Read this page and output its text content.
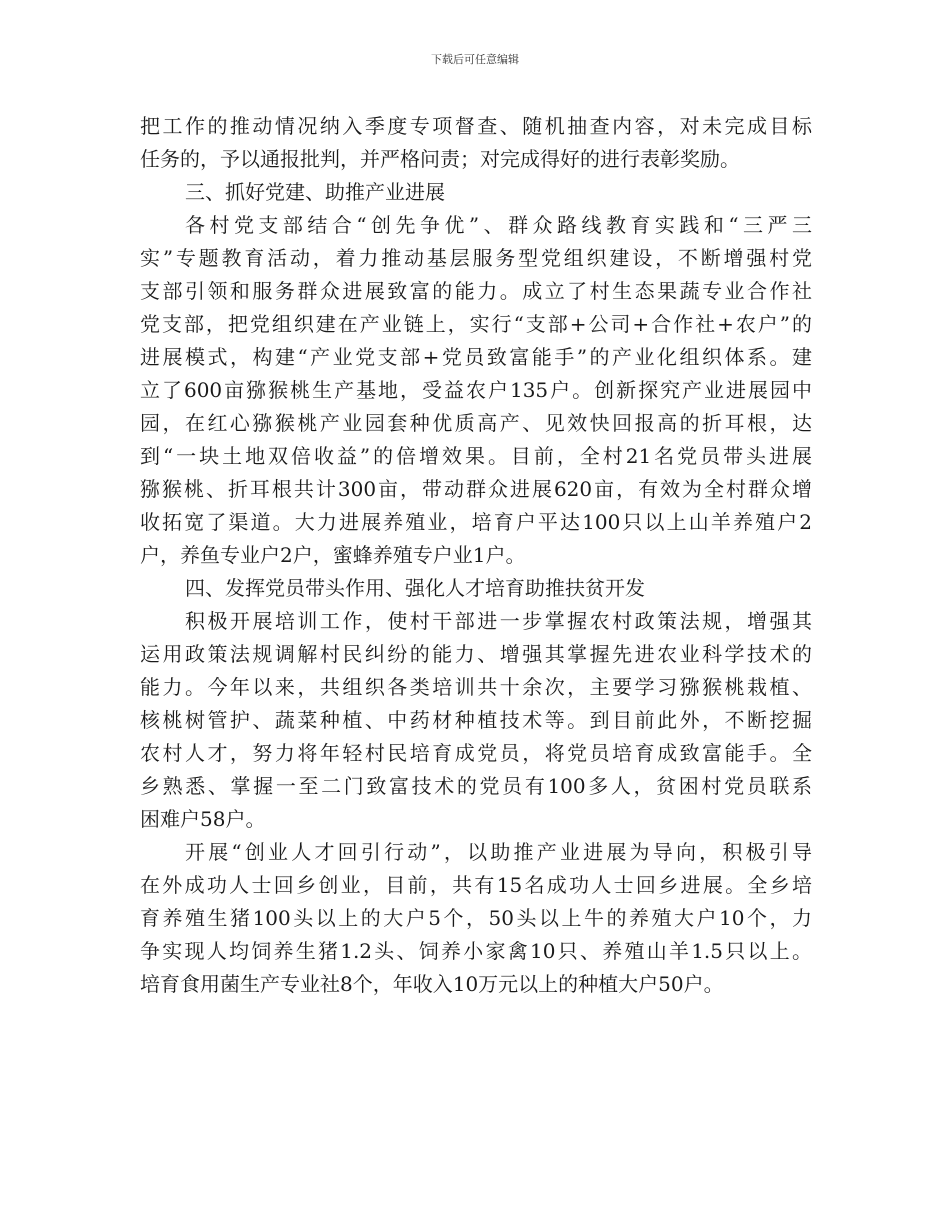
下载后可任意编辑
把工作的推动情况纳入季度专项督查、随机抽查内容，对未完成目标
任务的，予以通报批判，并严格问责；对完成得好的进行表彰奖励。
三、抓好党建、助推产业进展
各村党支部结合“创先争优”、群众路线教育实践和“三严三
实”专题教育活动，着力推动基层服务型党组织建设，不断增强村党
支部引领和服务群众进展致富的能力。成立了村生态果蔬专业合作社
党支部，把党组织建在产业链上，实行“支部+公司+合作社+农户”的
进展模式，构建“产业党支部+党员致富能手”的产业化组织体系。建
立了600亩猕猴桃生产基地，受益农户135户。创新探究产业进展园中
园，在红心猕猴桃产业园套种优质高产、见效快回报高的折耳根，达
到“一块土地双倍收益”的倍增效果。目前，全村21名党员带头进展
猕猴桃、折耳根共计300亩，带动群众进展620亩，有效为全村群众增
收拓宽了渠道。大力进展养殖业，培育户平达100只以上山羊养殖户2
户，养鱼专业户2户，蜜蜂养殖专户业1户。
四、发挥党员带头作用、强化人才培育助推扶贫开发
积极开展培训工作，使村干部进一步掌握农村政策法规，增强其
运用政策法规调解村民纠纷的能力、增强其掌握先进农业科学技术的
能力。今年以来，共组织各类培训共十余次，主要学习猕猴桃栽植、
核桃树管护、蔬菜种植、中药材种植技术等。到目前此外，不断挖掘
农村人才，努力将年轻村民培育成党员，将党员培育成致富能手。全
乡熟悉、掌握一至二门致富技术的党员有100多人，贫困村党员联系
困难户58户。
开展“创业人才回引行动”，以助推产业进展为导向，积极引导
在外成功人士回乡创业，目前，共有15名成功人士回乡进展。全乡培
育养殖生猪100头以上的大户5个，50头以上牛的养殖大户10个，力
争实现人均饲养生猪1.2头、饲养小家禽10只、养殖山羊1.5只以上。
培育食用菌生产专业社8个，年收入10万元以上的种植大户50户。
